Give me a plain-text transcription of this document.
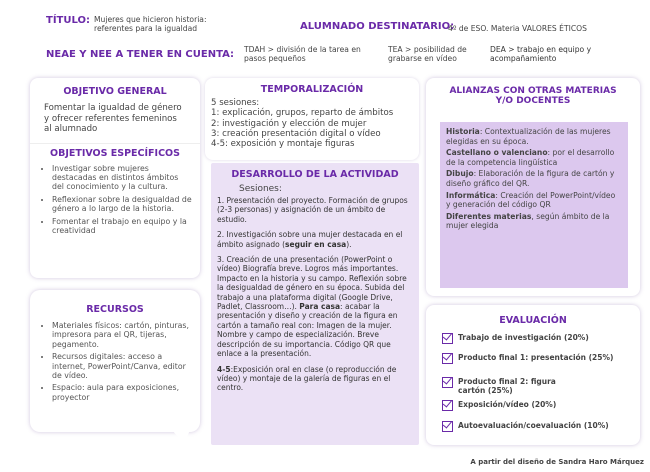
TÍTULO: Mujeres que hicieron historia: referentes para la igualdad	ALUMNADO DESTINATARIO:
4º de ESO. Materia VALORES ÉTICOS
NEAE Y NEE A TENER EN CUENTA: TDAH > división de la tarea en pasos pequeños
TEA > posibilidad de grabarse en vídeo
DEA > trabajo en equipo y acompañamiento
OBJETIVO GENERAL
Fomentar la igualdad de género y ofrecer referentes femeninos al alumnado
OBJETIVOS ESPECÍFICOS
• Investigar sobre mujeres destacadas en distintos ámbitos del conocimiento y la cultura.
• Reflexionar sobre la desigualdad de género a lo largo de la historia.
• Fomentar el trabajo en equipo y la creatividad
RECURSOS
• Materiales físicos: cartón, pinturas, impresora para el QR, tijeras, pegamento.
• Recursos digitales: acceso a internet, PowerPoint/Canva, editor de vídeo.
• Espacio: aula para exposiciones, proyector
TEMPORALIZACIÓN
5 sesiones:
1: explicación, grupos, reparto de ámbitos
2: investigación y elección de mujer
3: creación presentación digital o vídeo
4-5: exposición y montaje figuras
DESARROLLO DE LA ACTIVIDAD
Sesiones:

1. Presentación del proyecto. Formación de grupos (2-3 personas) y asignación de un ámbito de estudio.

2. Investigación sobre una mujer destacada en el ámbito asignado (seguir en casa).

3. Creación de una presentación (PowerPoint o vídeo) Biografía breve. Logros más importantes. Impacto en la historia y su campo. Reflexión sobre la desigualdad de género en su época. Subida del trabajo a una plataforma digital (Google Drive, Padlet, Classroom…). Para casa: acabar la presentación y diseño y creación de la figura en cartón a tamaño real con: Imagen de la mujer. Nombre y campo de especialización. Breve descripción de su importancia. Código QR que enlace a la presentación.

4-5:Exposición oral en clase (o reproducción de vídeo) y montaje de la galería de figuras en el centro.

ALIANZAS CON OTRAS MATERIAS
Y/O DOCENTES

Historia: Contextualización de las mujeres elegidas en su época.

Castellano o valenciano: por el desarrollo de la competencia lingüística

Dibujo: Elaboración de la figura de cartón y diseño gráfico del QR.

Informática: Creación del PowerPoint/vídeo y generación del código QR

Diferentes materias, según ámbito de la mujer elegida

EVALUACIÓN
Trabajo de investigación (20%)
Producto final 1: presentación (25%)
Producto final 2: figura cartón (25%)
Exposición/vídeo (20%)
Autoevaluación/coevaluación (10%)
A partir del diseño de Sandra Haro Márquez
